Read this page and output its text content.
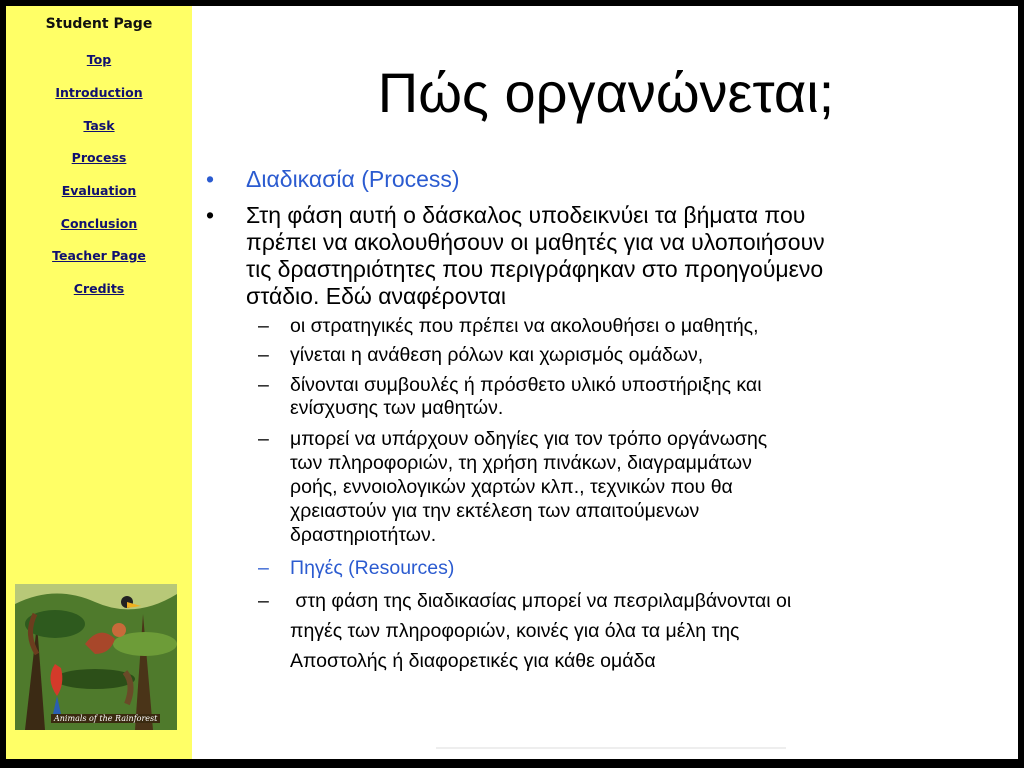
Student Page
Top
Introduction
Task
Process
Evaluation
Conclusion
Teacher Page
Credits
Animals of the Rainforest
Πώς οργανώνεται;
• Διαδικασία (Process)
• Στη φάση αυτή ο δάσκαλος υποδεικνύει τα βήματα που
πρέπει να ακολουθήσουν οι μαθητές για να υλοποιήσουν
τις δραστηριότητες που περιγράφηκαν στο προηγούμενο
στάδιο. Εδώ αναφέρονται
– οι στρατηγικές που πρέπει να ακολουθήσει ο μαθητής,
– γίνεται η ανάθεση ρόλων και χωρισμός ομάδων,
– δίνονται συμβουλές ή πρόσθετο υλικό υποστήριξης και
ενίσχυσης των μαθητών.
– μπορεί να υπάρχουν οδηγίες για τον τρόπο οργάνωσης
των πληροφοριών, τη χρήση πινάκων, διαγραμμάτων
ροής, εννοιολογικών χαρτών κλπ., τεχνικών που θα
χρειαστούν για την εκτέλεση των απαιτούμενων
δραστηριοτήτων.
– Πηγές (Resources)
– στη φάση της διαδικασίας μπορεί να πεσριλαμβάνονται οι
πηγές των πληροφοριών, κοινές για όλα τα μέλη της
Αποστολής ή διαφορετικές για κάθε ομάδα
